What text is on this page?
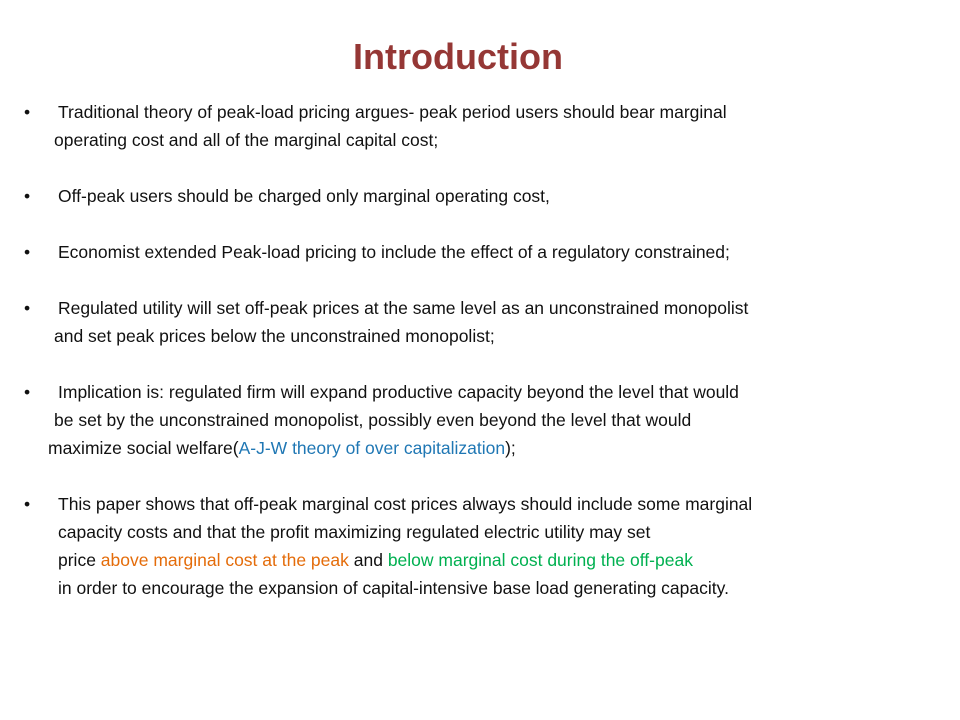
Introduction
•	Traditional theory of peak-load pricing argues- peak period users should bear marginal
operating cost and all of the marginal capital cost;
•	Off-peak users should be charged only marginal operating cost,
•	Economist extended Peak-load pricing to include the effect of a regulatory constrained;
•	Regulated utility will set off-peak prices at the same level as an unconstrained monopolist
and set peak prices below the unconstrained monopolist;
•	Implication is: regulated firm will expand productive capacity beyond the level that would
be set by the unconstrained monopolist, possibly even beyond the level that would
maximize social welfare(A-J-W theory of over capitalization);
•	This paper shows that off-peak marginal cost prices always should include some marginal
capacity costs and that the profit maximizing regulated electric utility may set
price above marginal cost at the peak and below marginal cost during the off-peak
in order to encourage the expansion of capital-intensive base load generating capacity.
